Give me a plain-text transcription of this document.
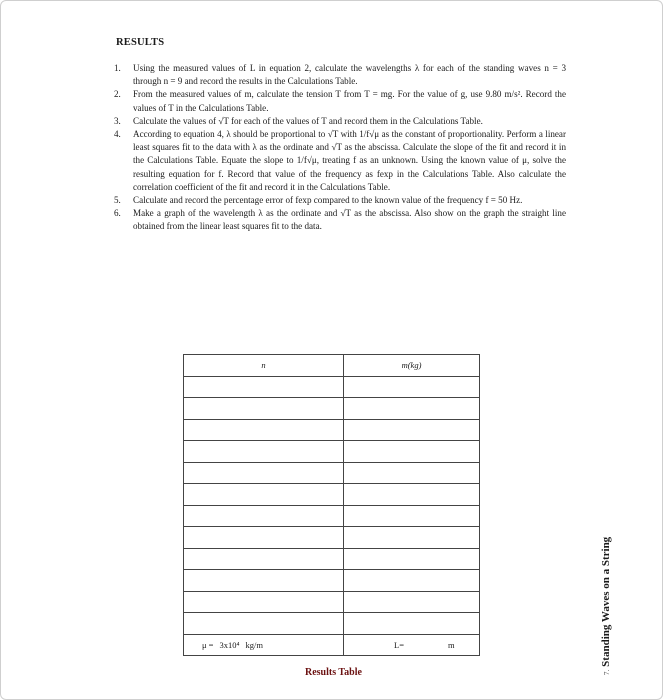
RESULTS
1. Using the measured values of L in equation 2, calculate the wavelengths λ for each of the standing waves n = 3 through n = 9 and record the results in the Calculations Table.
2. From the measured values of m, calculate the tension T from T = mg. For the value of g, use 9.80 m/s². Record the values of T in the Calculations Table.
3. Calculate the values of √T for each of the values of T and record them in the Calculations Table.
4. According to equation 4, λ should be proportional to √T with 1/f√μ as the constant of proportionality. Perform a linear least squares fit to the data with λ as the ordinate and √T as the abscissa. Calculate the slope of the fit and record it in the Calculations Table. Equate the slope to 1/f√μ, treating f as an unknown. Using the known value of μ, solve the resulting equation for f. Record that value of the frequency as fexp in the Calculations Table. Also calculate the correlation coefficient of the fit and record it in the Calculations Table.
5. Calculate and record the percentage error of fexp compared to the known value of the frequency f = 50 Hz.
6. Make a graph of the wavelength λ as the ordinate and √T as the abscissa. Also show on the graph the straight line obtained from the linear least squares fit to the data.
n	m(kg)

μ = 3x10⁴ kg/m	L= m
Results Table	7. Standing Waves on a String
